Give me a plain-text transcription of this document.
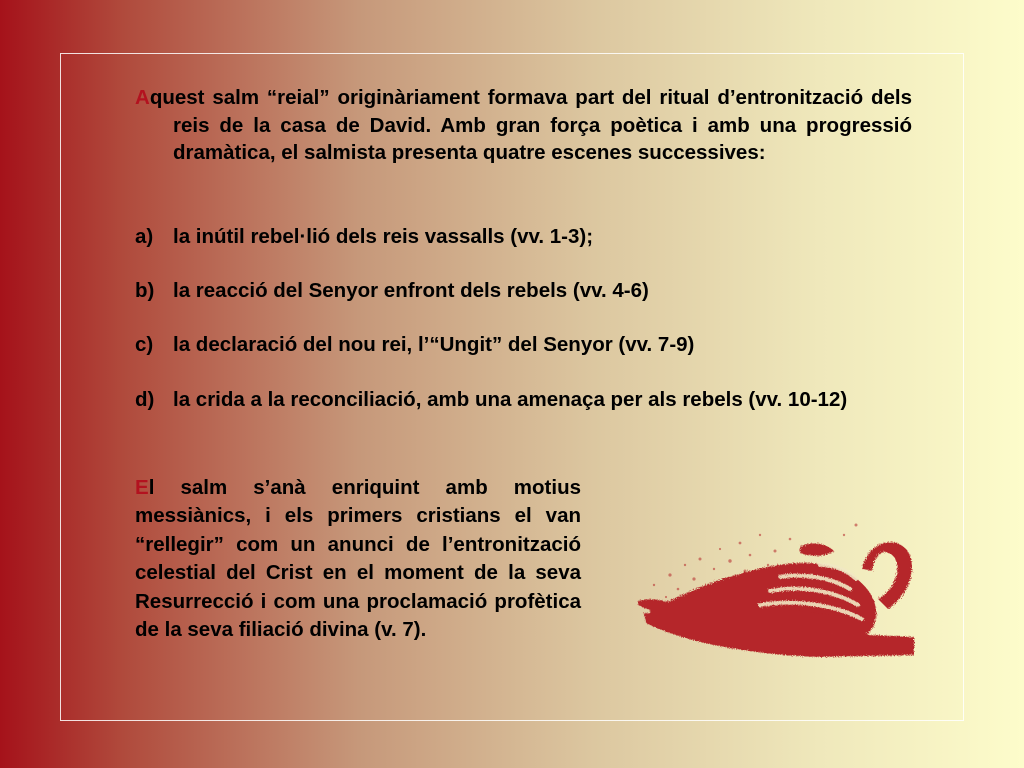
Aquest salm “reial” originàriament formava part del ritual d’entronització dels reis de la casa de David. Amb gran força poètica i amb una progressió dramàtica, el salmista presenta quatre escenes successives:

a) la inútil rebel·lió dels reis vassalls (vv. 1-3);
b) la reacció del Senyor enfront dels rebels (vv. 4-6)
c) la declaració del nou rei, l’“Ungit” del Senyor (vv. 7-9)
d) la crida a la reconciliació, amb una amenaça per als rebels (vv. 10-12)

El salm s’anà enriquint amb motius messiànics, i els primers cristians el van “rellegir” com un anunci de l’entronització celestial del Crist en el moment de la seva Resurrecció i com una proclamació profètica de la seva filiació divina (v. 7).
